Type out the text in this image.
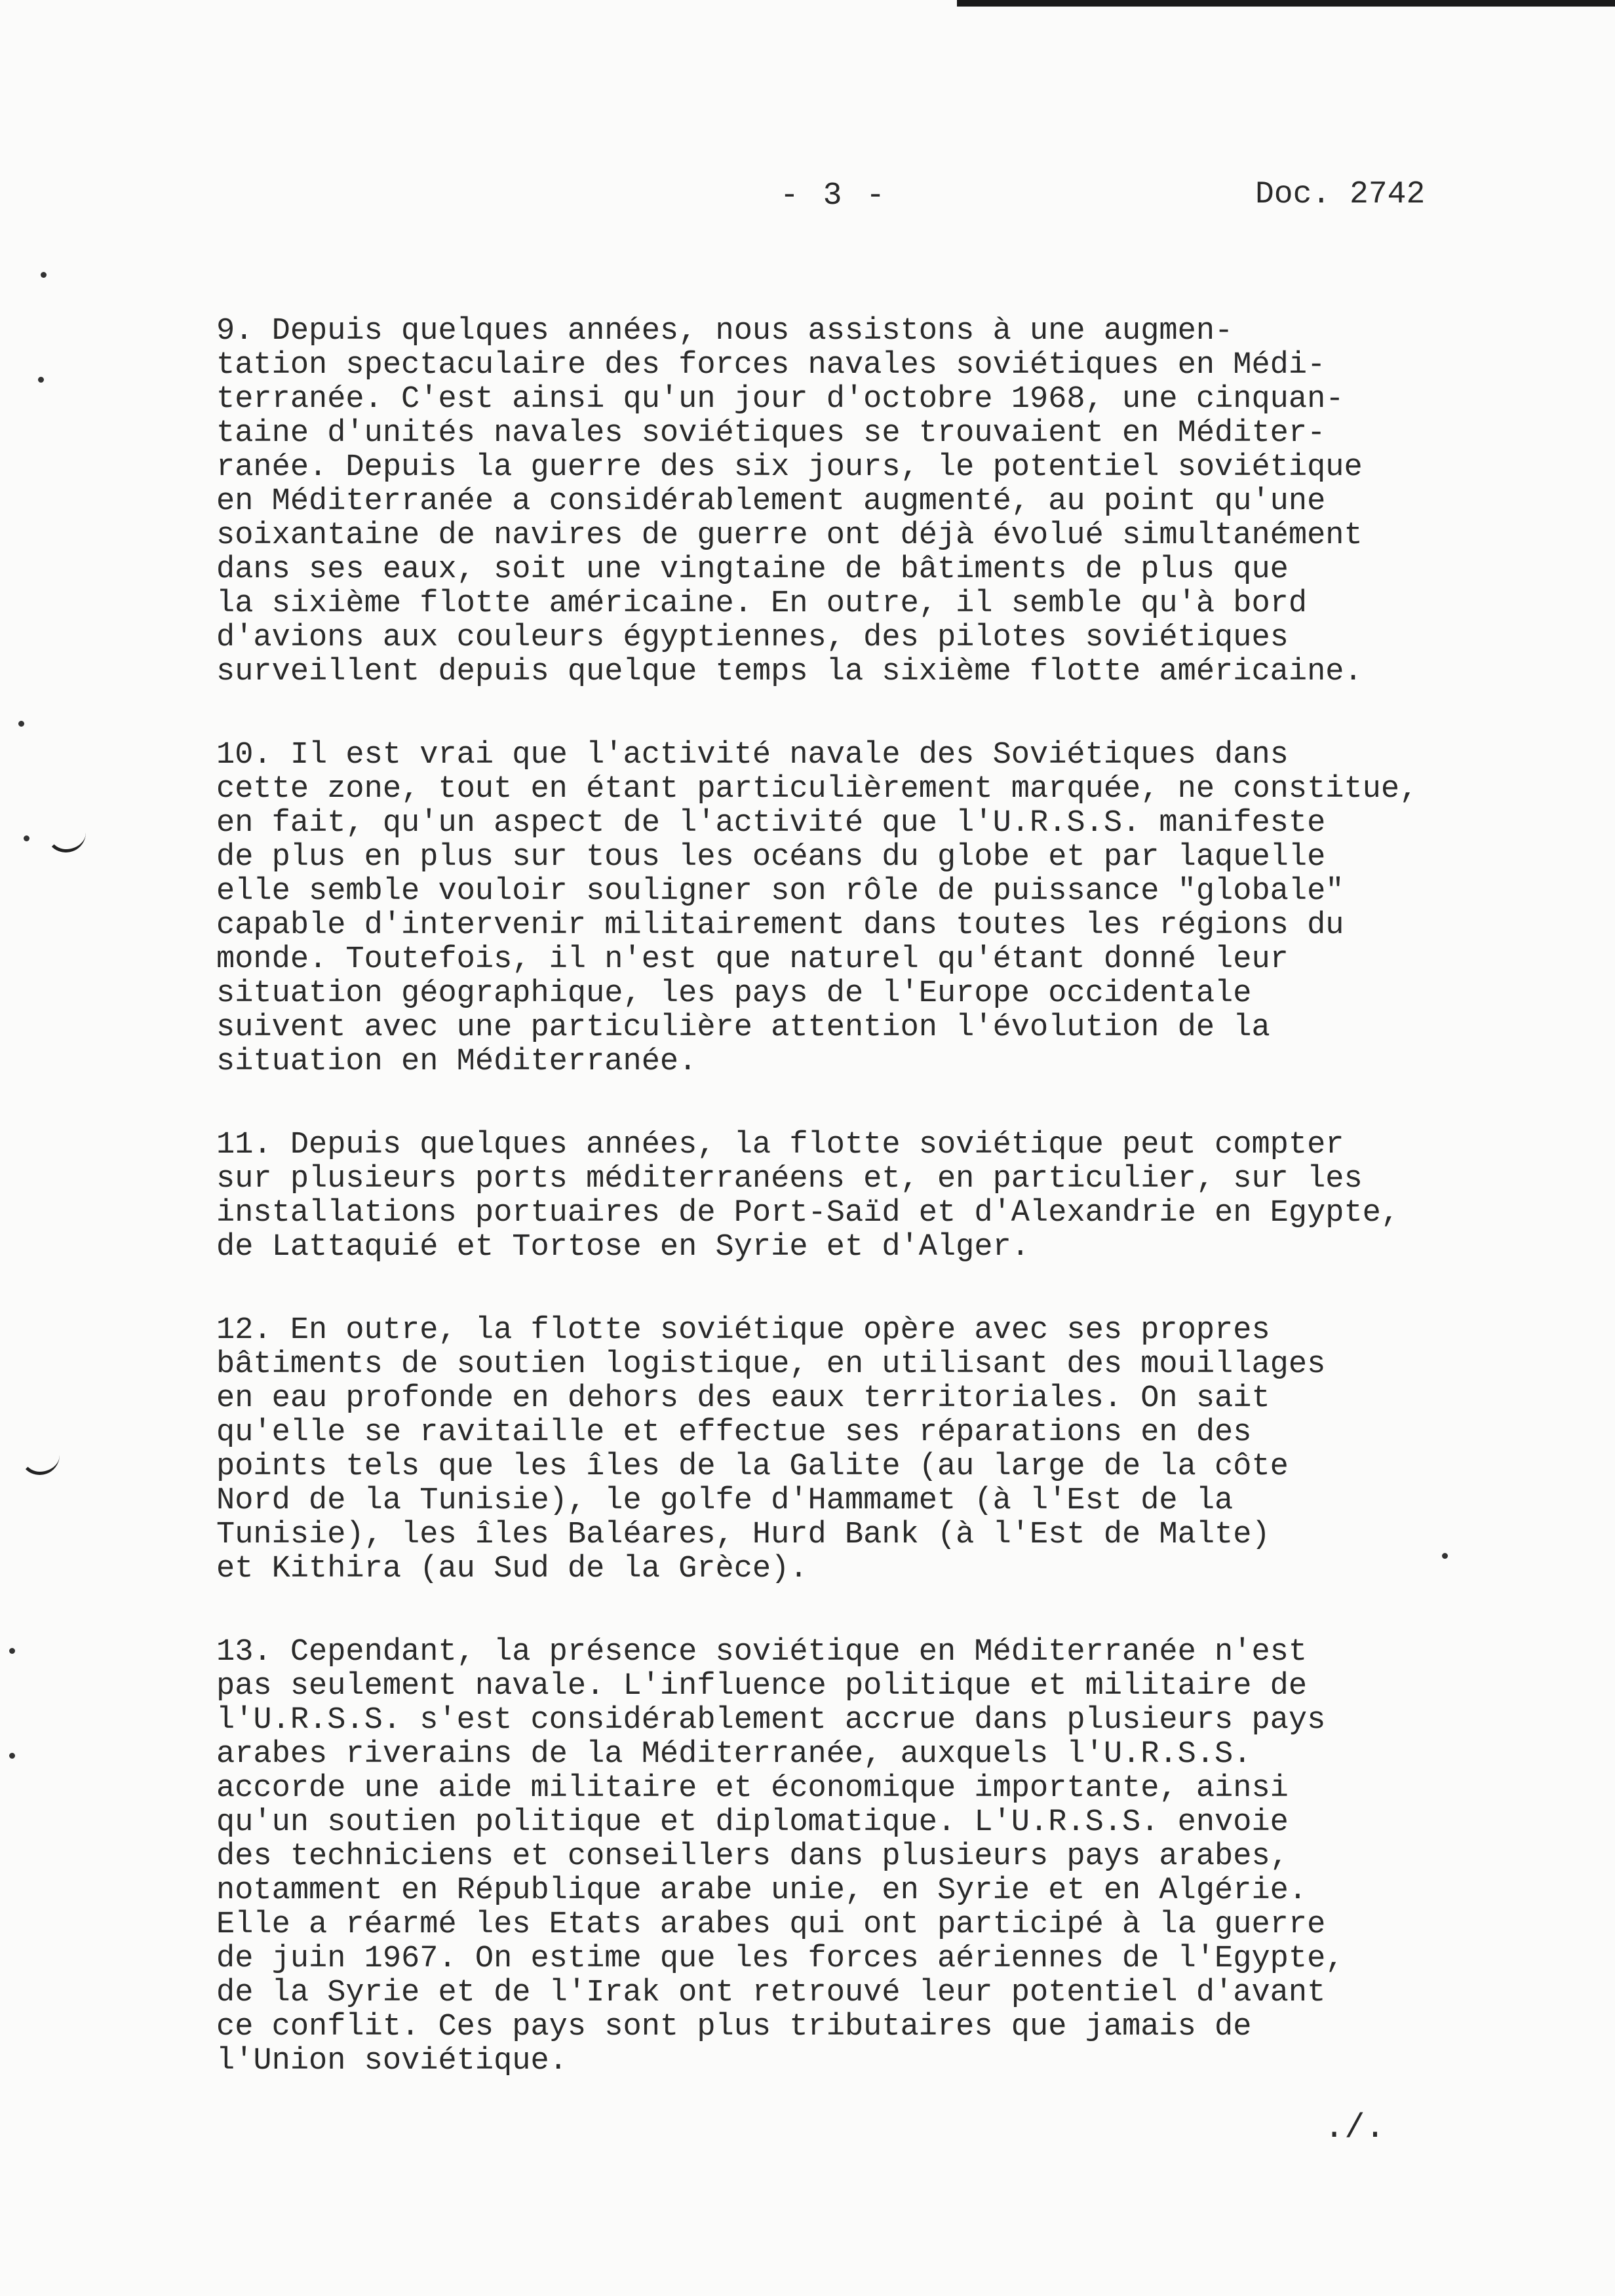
- 3 -	Doc. 2742

9. Depuis quelques années, nous assistons à une augmen-
tation spectaculaire des forces navales soviétiques en Médi-
terranée. C'est ainsi qu'un jour d'octobre 1968, une cinquan-
taine d'unités navales soviétiques se trouvaient en Méditer-
ranée. Depuis la guerre des six jours, le potentiel soviétique
en Méditerranée a considérablement augmenté, au point qu'une
soixantaine de navires de guerre ont déjà évolué simultanément
dans ses eaux, soit une vingtaine de bâtiments de plus que
la sixième flotte américaine. En outre, il semble qu'à bord
d'avions aux couleurs égyptiennes, des pilotes soviétiques
surveillent depuis quelque temps la sixième flotte américaine.

10. Il est vrai que l'activité navale des Soviétiques dans
cette zone, tout en étant particulièrement marquée, ne constitue,
en fait, qu'un aspect de l'activité que l'U.R.S.S. manifeste
de plus en plus sur tous les océans du globe et par laquelle
elle semble vouloir souligner son rôle de puissance "globale"
capable d'intervenir militairement dans toutes les régions du
monde. Toutefois, il n'est que naturel qu'étant donné leur
situation géographique, les pays de l'Europe occidentale
suivent avec une particulière attention l'évolution de la
situation en Méditerranée.

11. Depuis quelques années, la flotte soviétique peut compter
sur plusieurs ports méditerranéens et, en particulier, sur les
installations portuaires de Port-Saïd et d'Alexandrie en Egypte,
de Lattaquié et Tortose en Syrie et d'Alger.

12. En outre, la flotte soviétique opère avec ses propres
bâtiments de soutien logistique, en utilisant des mouillages
en eau profonde en dehors des eaux territoriales. On sait
qu'elle se ravitaille et effectue ses réparations en des
points tels que les îles de la Galite (au large de la côte
Nord de la Tunisie), le golfe d'Hammamet (à l'Est de la
Tunisie), les îles Baléares, Hurd Bank (à l'Est de Malte)
et Kithira (au Sud de la Grèce).

13. Cependant, la présence soviétique en Méditerranée n'est
pas seulement navale. L'influence politique et militaire de
l'U.R.S.S. s'est considérablement accrue dans plusieurs pays
arabes riverains de la Méditerranée, auxquels l'U.R.S.S.
accorde une aide militaire et économique importante, ainsi
qu'un soutien politique et diplomatique. L'U.R.S.S. envoie
des techniciens et conseillers dans plusieurs pays arabes,
notamment en République arabe unie, en Syrie et en Algérie.
Elle a réarmé les Etats arabes qui ont participé à la guerre
de juin 1967. On estime que les forces aériennes de l'Egypte,
de la Syrie et de l'Irak ont retrouvé leur potentiel d'avant
ce conflit. Ces pays sont plus tributaires que jamais de
l'Union soviétique.

./.
